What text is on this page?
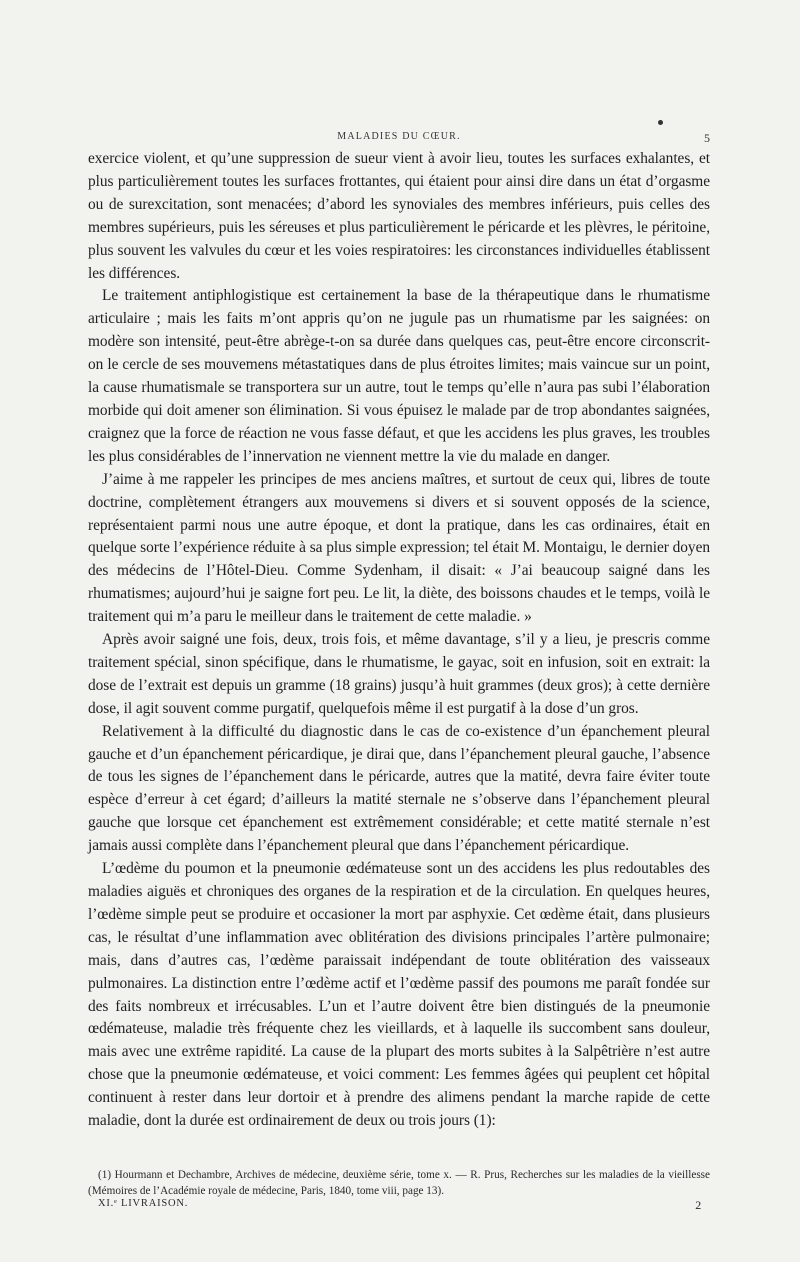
MALADIES DU CŒUR.	5

exercice violent, et qu’une suppression de sueur vient à avoir lieu, toutes les surfaces exhalantes, et plus particulièrement toutes les surfaces frottantes, qui étaient pour ainsi dire dans un état d’orgasme ou de surexcitation, sont menacées; d’abord les synoviales des membres inférieurs, puis celles des membres supérieurs, puis les séreuses et plus particulièrement le péricarde et les plèvres, le péritoine, plus souvent les valvules du cœur et les voies respiratoires: les circonstances individuelles établissent les différences.

Le traitement antiphlogistique est certainement la base de la thérapeutique dans le rhumatisme articulaire ; mais les faits m’ont appris qu’on ne jugule pas un rhumatisme par les saignées: on modère son intensité, peut-être abrège-t-on sa durée dans quelques cas, peut-être encore circonscrit-on le cercle de ses mouvemens métastatiques dans de plus étroites limites; mais vaincue sur un point, la cause rhumatismale se transportera sur un autre, tout le temps qu’elle n’aura pas subi l’élaboration morbide qui doit amener son élimination. Si vous épuisez le malade par de trop abondantes saignées, craignez que la force de réaction ne vous fasse défaut, et que les accidens les plus graves, les troubles les plus considérables de l’innervation ne viennent mettre la vie du malade en danger.

J’aime à me rappeler les principes de mes anciens maîtres, et surtout de ceux qui, libres de toute doctrine, complètement étrangers aux mouvemens si divers et si souvent opposés de la science, représentaient parmi nous une autre époque, et dont la pratique, dans les cas ordinaires, était en quelque sorte l’expérience réduite à sa plus simple expression; tel était M. Montaigu, le dernier doyen des médecins de l’Hôtel-Dieu. Comme Sydenham, il disait: « J’ai beaucoup saigné dans les rhumatismes; aujourd’hui je saigne fort peu. Le lit, la diète, des boissons chaudes et le temps, voilà le traitement qui m’a paru le meilleur dans le traitement de cette maladie. »

Après avoir saigné une fois, deux, trois fois, et même davantage, s’il y a lieu, je prescris comme traitement spécial, sinon spécifique, dans le rhumatisme, le gayac, soit en infusion, soit en extrait: la dose de l’extrait est depuis un gramme (18 grains) jusqu’à huit grammes (deux gros); à cette dernière dose, il agit souvent comme purgatif, quelquefois même il est purgatif à la dose d’un gros.

Relativement à la difficulté du diagnostic dans le cas de co-existence d’un épanchement pleural gauche et d’un épanchement péricardique, je dirai que, dans l’épanchement pleural gauche, l’absence de tous les signes de l’épanchement dans le péricarde, autres que la matité, devra faire éviter toute espèce d’erreur à cet égard; d’ailleurs la matité sternale ne s’observe dans l’épanchement pleural gauche que lorsque cet épanchement est extrêmement considérable; et cette matité sternale n’est jamais aussi complète dans l’épanchement pleural que dans l’épanchement péricardique.

L’œdème du poumon et la pneumonie œdémateuse sont un des accidens les plus redoutables des maladies aiguës et chroniques des organes de la respiration et de la circulation. En quelques heures, l’œdème simple peut se produire et occasioner la mort par asphyxie. Cet œdème était, dans plusieurs cas, le résultat d’une inflammation avec oblitération des divisions principales l’artère pulmonaire; mais, dans d’autres cas, l’œdème paraissait indépendant de toute oblitération des vaisseaux pulmonaires. La distinction entre l’œdème actif et l’œdème passif des poumons me paraît fondée sur des faits nombreux et irrécusables. L’un et l’autre doivent être bien distingués de la pneumonie œdémateuse, maladie très fréquente chez les vieillards, et à laquelle ils succombent sans douleur, mais avec une extrême rapidité. La cause de la plupart des morts subites à la Salpêtrière n’est autre chose que la pneumonie œdémateuse, et voici comment: Les femmes âgées qui peuplent cet hôpital continuent à rester dans leur dortoir et à prendre des alimens pendant la marche rapide de cette maladie, dont la durée est ordinairement de deux ou trois jours (1):

(1) Hourmann et Dechambre, Archives de médecine, deuxième série, tome x. — R. Prus, Recherches sur les maladies de la vieillesse (Mémoires de l’Académie royale de médecine, Paris, 1840, tome viii, page 13).
XI.ᵉ LIVRAISON.	2
